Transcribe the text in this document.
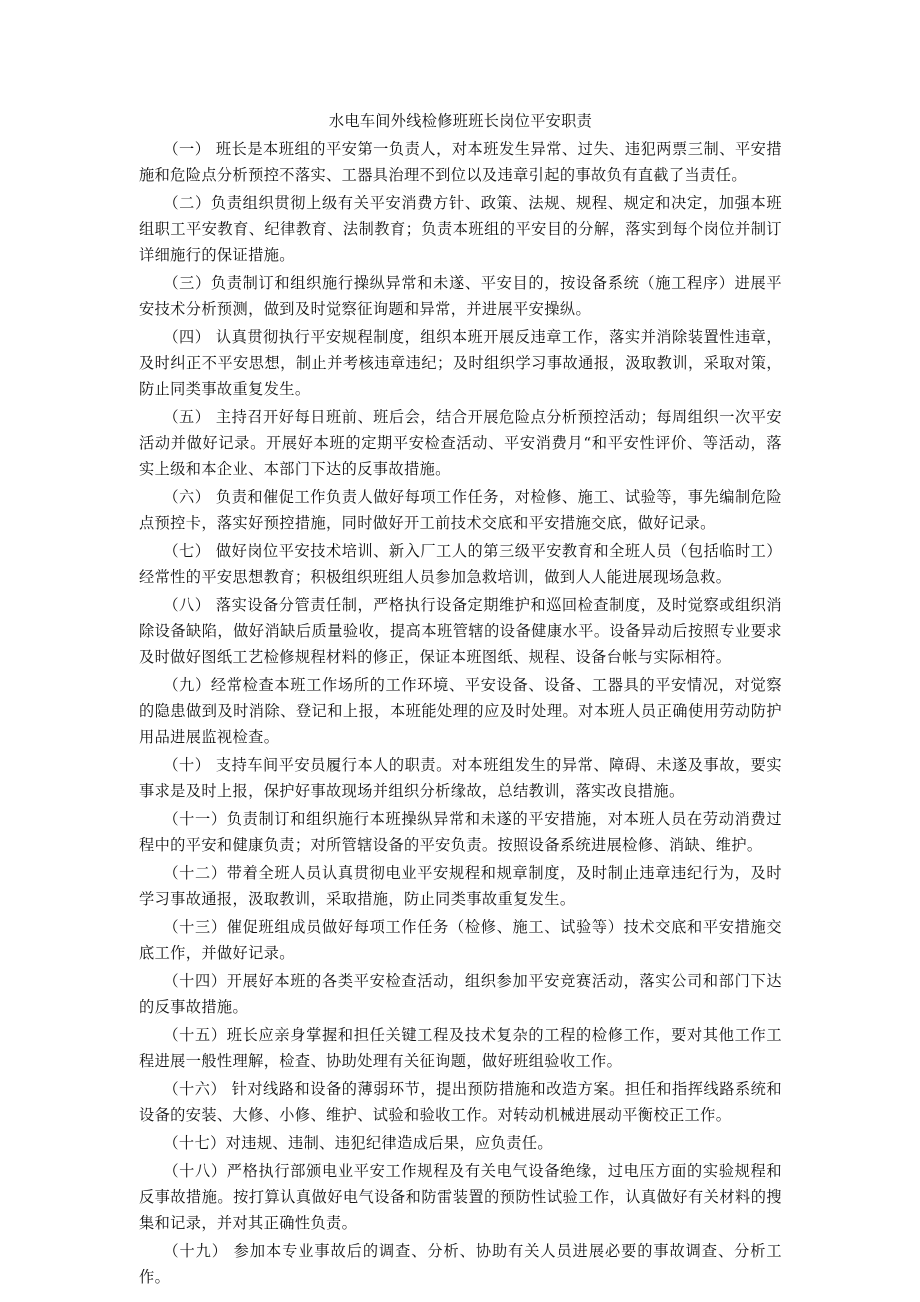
水电车间外线检修班班长岗位平安职责

（一） 班长是本班组的平安第一负责人，对本班发生异常、过失、违犯两票三制、平安措施和危险点分析预控不落实、工器具治理不到位以及违章引起的事故负有直截了当责任。

（二）负责组织贯彻上级有关平安消费方针、政策、法规、规程、规定和决定，加强本班组职工平安教育、纪律教育、法制教育；负责本班组的平安目的分解，落实到每个岗位并制订详细施行的保证措施。

（三）负责制订和组织施行操纵异常和未遂、平安目的，按设备系统（施工程序）进展平安技术分析预测，做到及时觉察征询题和异常，并进展平安操纵。

（四） 认真贯彻执行平安规程制度，组织本班开展反违章工作，落实并消除装置性违章，及时纠正不平安思想，制止并考核违章违纪；及时组织学习事故通报，汲取教训，采取对策，防止同类事故重复发生。

（五） 主持召开好每日班前、班后会，结合开展危险点分析预控活动；每周组织一次平安活动并做好记录。开展好本班的定期平安检查活动、平安消费月“和平安性评价、等活动，落实上级和本企业、本部门下达的反事故措施。

（六） 负责和催促工作负责人做好每项工作任务，对检修、施工、试验等，事先编制危险点预控卡，落实好预控措施，同时做好开工前技术交底和平安措施交底，做好记录。

（七） 做好岗位平安技术培训、新入厂工人的第三级平安教育和全班人员（包括临时工）经常性的平安思想教育；积极组织班组人员参加急救培训，做到人人能进展现场急救。

（八） 落实设备分管责任制，严格执行设备定期维护和巡回检查制度，及时觉察或组织消除设备缺陷，做好消缺后质量验收，提高本班管辖的设备健康水平。设备异动后按照专业要求及时做好图纸工艺检修规程材料的修正，保证本班图纸、规程、设备台帐与实际相符。

（九）经常检查本班工作场所的工作环境、平安设备、设备、工器具的平安情况，对觉察的隐患做到及时消除、登记和上报，本班能处理的应及时处理。对本班人员正确使用劳动防护用品进展监视检查。

（十） 支持车间平安员履行本人的职责。对本班组发生的异常、障碍、未遂及事故，要实事求是及时上报，保护好事故现场并组织分析缘故，总结教训，落实改良措施。

（十一）负责制订和组织施行本班操纵异常和未遂的平安措施，对本班人员在劳动消费过程中的平安和健康负责；对所管辖设备的平安负责。按照设备系统进展检修、消缺、维护。

（十二）带着全班人员认真贯彻电业平安规程和规章制度，及时制止违章违纪行为，及时学习事故通报，汲取教训，采取措施，防止同类事故重复发生。

（十三）催促班组成员做好每项工作任务（检修、施工、试验等）技术交底和平安措施交底工作，并做好记录。

（十四）开展好本班的各类平安检查活动，组织参加平安竞赛活动，落实公司和部门下达的反事故措施。

（十五）班长应亲身掌握和担任关键工程及技术复杂的工程的检修工作，要对其他工作工程进展一般性理解，检查、协助处理有关征询题，做好班组验收工作。

（十六） 针对线路和设备的薄弱环节，提出预防措施和改造方案。担任和指挥线路系统和设备的安装、大修、小修、维护、试验和验收工作。对转动机械进展动平衡校正工作。

（十七）对违规、违制、违犯纪律造成后果，应负责任。

（十八）严格执行部颁电业平安工作规程及有关电气设备绝缘，过电压方面的实验规程和反事故措施。按打算认真做好电气设备和防雷装置的预防性试验工作，认真做好有关材料的搜集和记录，并对其正确性负责。

（十九） 参加本专业事故后的调查、分析、协助有关人员进展必要的事故调查、分析工作。
